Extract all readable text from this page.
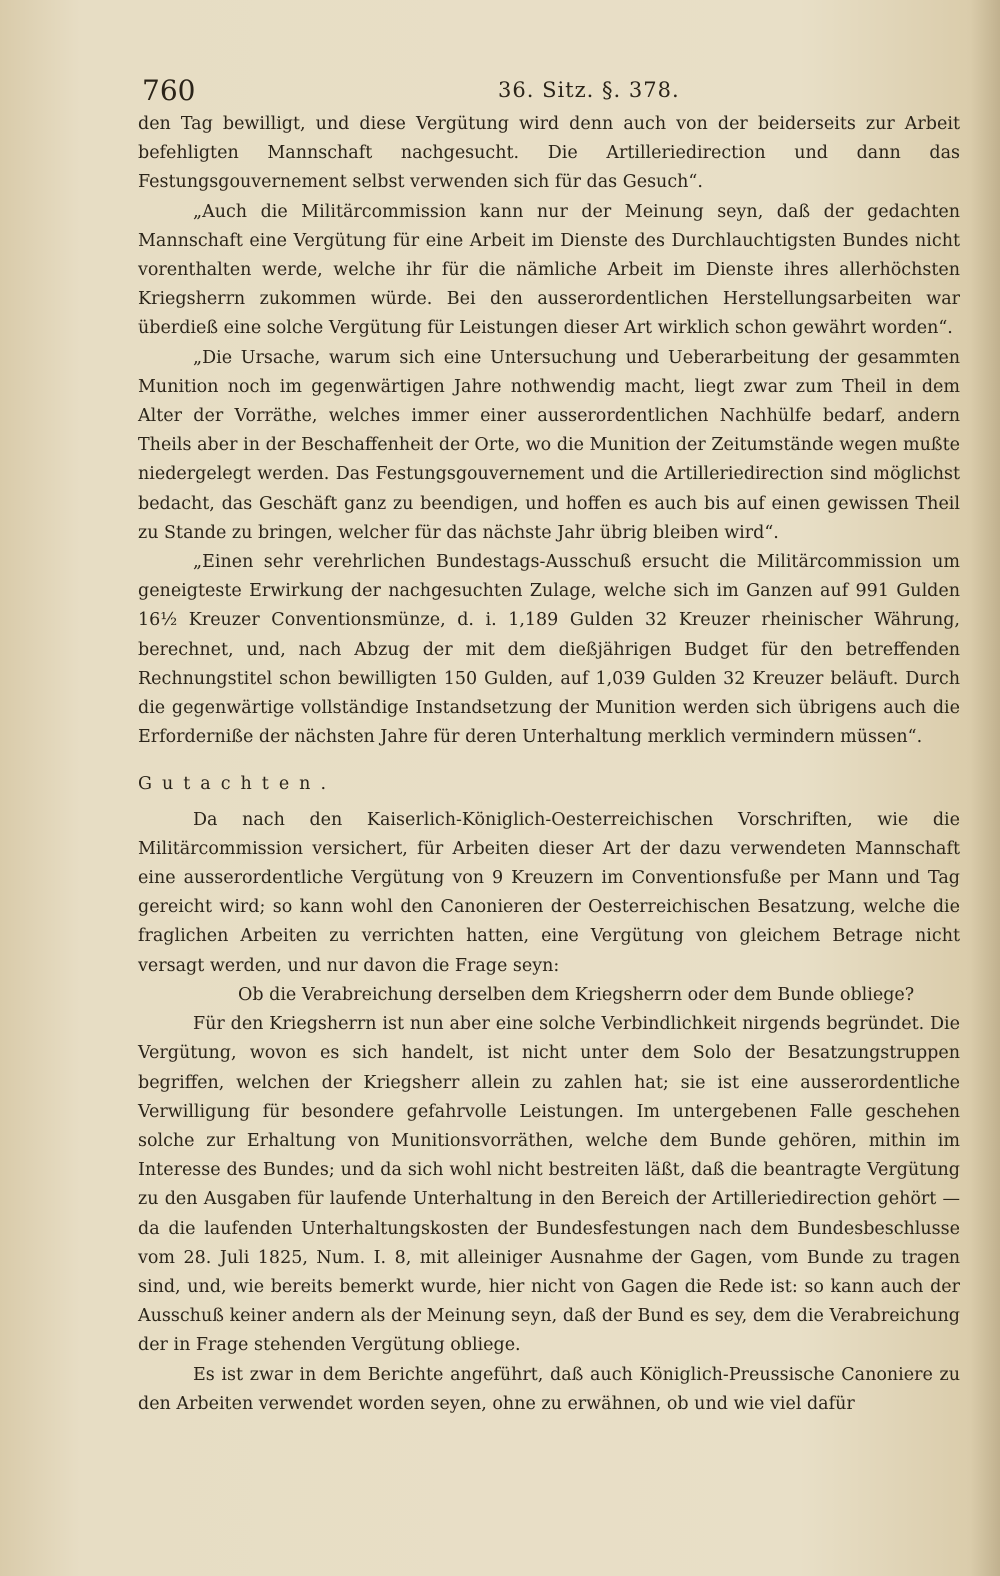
760	36. Sitz. §. 378.

den Tag bewilligt, und diese Vergütung wird denn auch von der beiderseits zur Arbeit befehligten Mannschaft nachgesucht. Die Artilleriedirection und dann das Festungsgouvernement selbst verwenden sich für das Gesuch“.

„Auch die Militärcommission kann nur der Meinung seyn, daß der gedachten Mannschaft eine Vergütung für eine Arbeit im Dienste des Durchlauchtigsten Bundes nicht vorenthalten werde, welche ihr für die nämliche Arbeit im Dienste ihres allerhöchsten Kriegsherrn zukommen würde. Bei den ausserordentlichen Herstellungsarbeiten war überdieß eine solche Vergütung für Leistungen dieser Art wirklich schon gewährt worden“.

„Die Ursache, warum sich eine Untersuchung und Ueberarbeitung der gesammten Munition noch im gegenwärtigen Jahre nothwendig macht, liegt zwar zum Theil in dem Alter der Vorräthe, welches immer einer ausserordentlichen Nachhülfe bedarf, andern Theils aber in der Beschaffenheit der Orte, wo die Munition der Zeitumstände wegen mußte niedergelegt werden. Das Festungsgouvernement und die Artilleriedirection sind möglichst bedacht, das Geschäft ganz zu beendigen, und hoffen es auch bis auf einen gewissen Theil zu Stande zu bringen, welcher für das nächste Jahr übrig bleiben wird“.

„Einen sehr verehrlichen Bundestags-Ausschuß ersucht die Militärcommission um geneigteste Erwirkung der nachgesuchten Zulage, welche sich im Ganzen auf 991 Gulden 16½ Kreuzer Conventionsmünze, d. i. 1,189 Gulden 32 Kreuzer rheinischer Währung, berechnet, und, nach Abzug der mit dem dießjährigen Budget für den betreffenden Rechnungstitel schon bewilligten 150 Gulden, auf 1,039 Gulden 32 Kreuzer beläuft. Durch die gegenwärtige vollständige Instandsetzung der Munition werden sich übrigens auch die Erforderniße der nächsten Jahre für deren Unterhaltung merklich vermindern müssen“.

Gutachten.

Da nach den Kaiserlich-Königlich-Oesterreichischen Vorschriften, wie die Militärcommission versichert, für Arbeiten dieser Art der dazu verwendeten Mannschaft eine ausserordentliche Vergütung von 9 Kreuzern im Conventionsfuße per Mann und Tag gereicht wird; so kann wohl den Canonieren der Oesterreichischen Besatzung, welche die fraglichen Arbeiten zu verrichten hatten, eine Vergütung von gleichem Betrage nicht versagt werden, und nur davon die Frage seyn:

Ob die Verabreichung derselben dem Kriegsherrn oder dem Bunde obliege?

Für den Kriegsherrn ist nun aber eine solche Verbindlichkeit nirgends begründet. Die Vergütung, wovon es sich handelt, ist nicht unter dem Solo der Besatzungstruppen begriffen, welchen der Kriegsherr allein zu zahlen hat; sie ist eine ausserordentliche Verwilligung für besondere gefahrvolle Leistungen. Im untergebenen Falle geschehen solche zur Erhaltung von Munitionsvorräthen, welche dem Bunde gehören, mithin im Interesse des Bundes; und da sich wohl nicht bestreiten läßt, daß die beantragte Vergütung zu den Ausgaben für laufende Unterhaltung in den Bereich der Artilleriedirection gehört — da die laufenden Unterhaltungskosten der Bundesfestungen nach dem Bundesbeschlusse vom 28. Juli 1825, Num. I. 8, mit alleiniger Ausnahme der Gagen, vom Bunde zu tragen sind, und, wie bereits bemerkt wurde, hier nicht von Gagen die Rede ist: so kann auch der Ausschuß keiner andern als der Meinung seyn, daß der Bund es sey, dem die Verabreichung der in Frage stehenden Vergütung obliege.

Es ist zwar in dem Berichte angeführt, daß auch Königlich-Preussische Canoniere zu den Arbeiten verwendet worden seyen, ohne zu erwähnen, ob und wie viel dafür
